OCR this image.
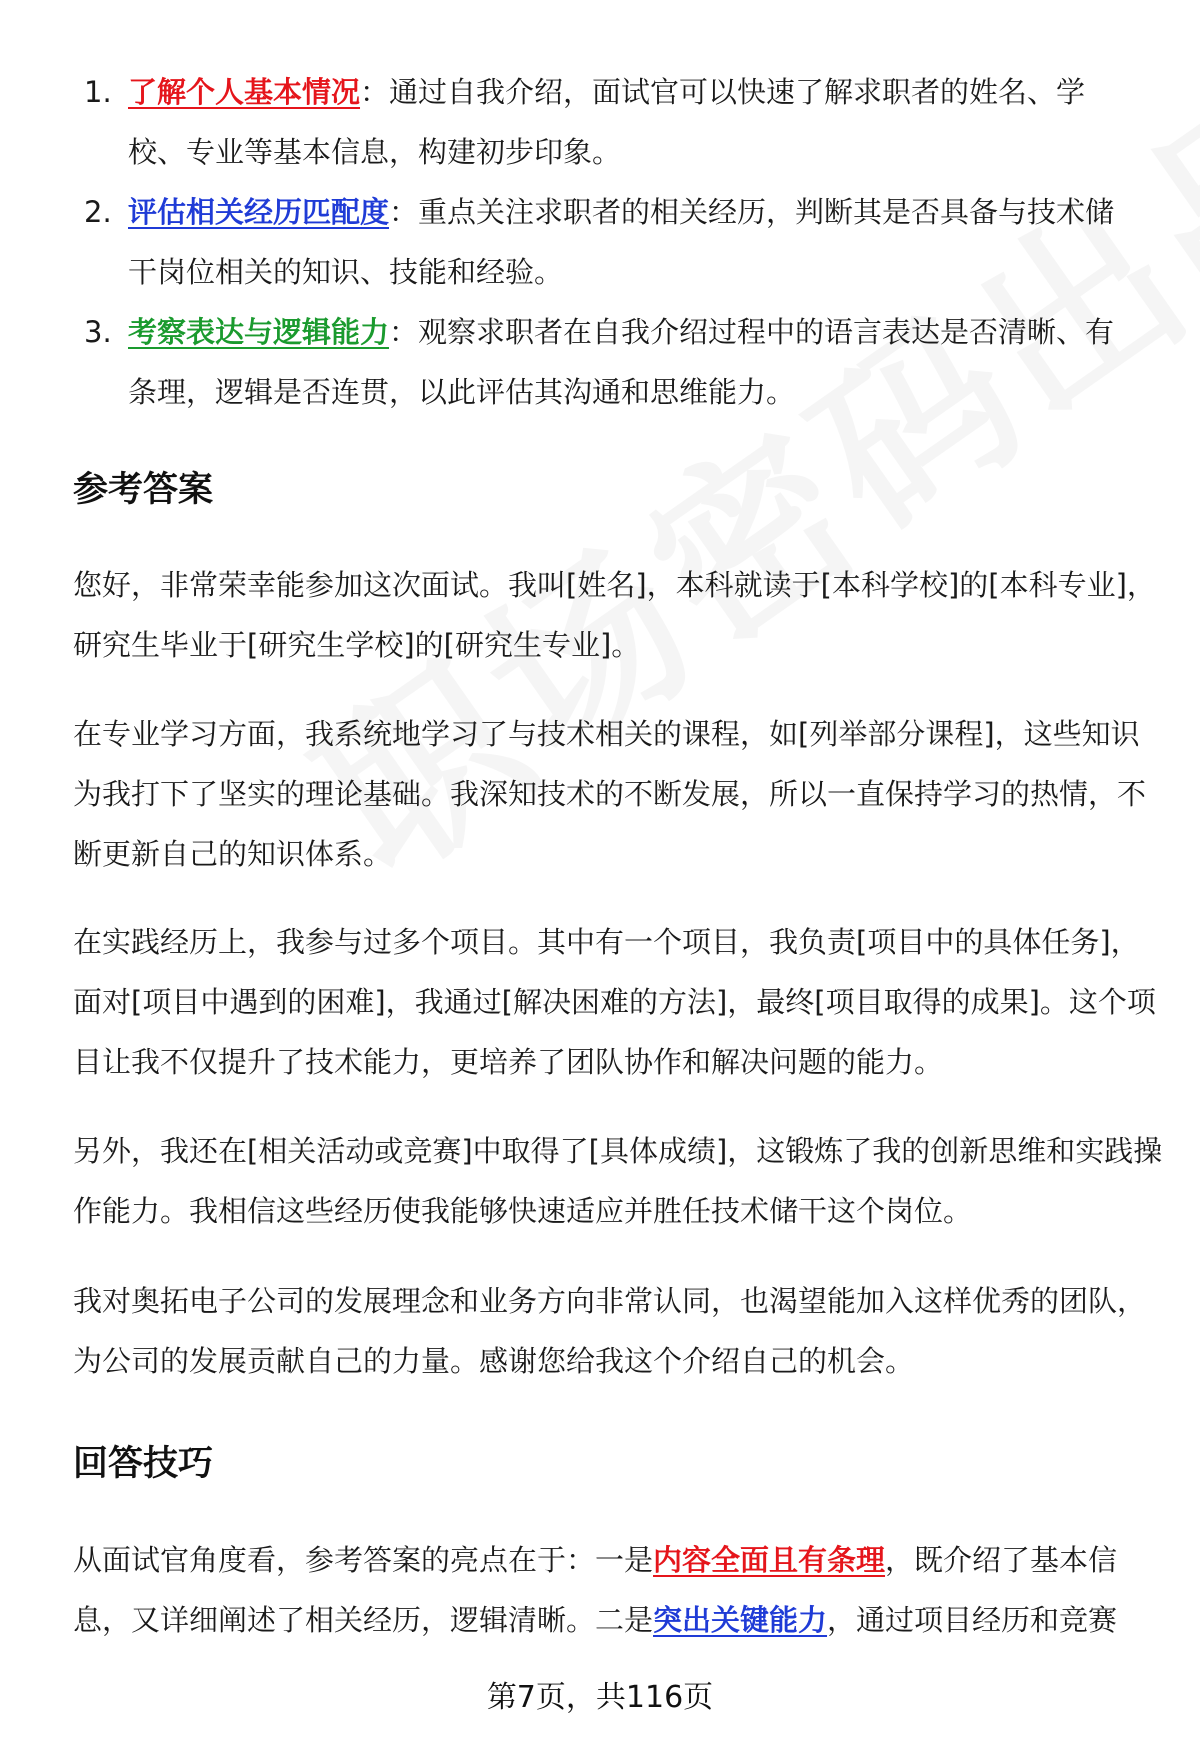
1. 了解个人基本情况：通过自我介绍，面试官可以快速了解求职者的姓名、学校、专业等基本信息，构建初步印象。
2. 评估相关经历匹配度：重点关注求职者的相关经历，判断其是否具备与技术储干岗位相关的知识、技能和经验。
3. 考察表达与逻辑能力：观察求职者在自我介绍过程中的语言表达是否清晰、有条理，逻辑是否连贯，以此评估其沟通和思维能力。
参考答案

您好，非常荣幸能参加这次面试。我叫[姓名]，本科就读于[本科学校]的[本科专业]，研究生毕业于[研究生学校]的[研究生专业]。

在专业学习方面，我系统地学习了与技术相关的课程，如[列举部分课程]，这些知识为我打下了坚实的理论基础。我深知技术的不断发展，所以一直保持学习的热情，不断更新自己的知识体系。

在实践经历上，我参与过多个项目。其中有一个项目，我负责[项目中的具体任务]，面对[项目中遇到的困难]，我通过[解决困难的方法]，最终[项目取得的成果]。这个项目让我不仅提升了技术能力，更培养了团队协作和解决问题的能力。

另外，我还在[相关活动或竞赛]中取得了[具体成绩]，这锻炼了我的创新思维和实践操作能力。我相信这些经历使我能够快速适应并胜任技术储干这个岗位。

我对奥拓电子公司的发展理念和业务方向非常认同，也渴望能加入这样优秀的团队，为公司的发展贡献自己的力量。感谢您给我这个介绍自己的机会。

回答技巧

从面试官角度看，参考答案的亮点在于：一是内容全面且有条理，既介绍了基本信息，又详细阐述了相关经历，逻辑清晰。二是突出关键能力，通过项目经历和竞赛

第7页，共116页
